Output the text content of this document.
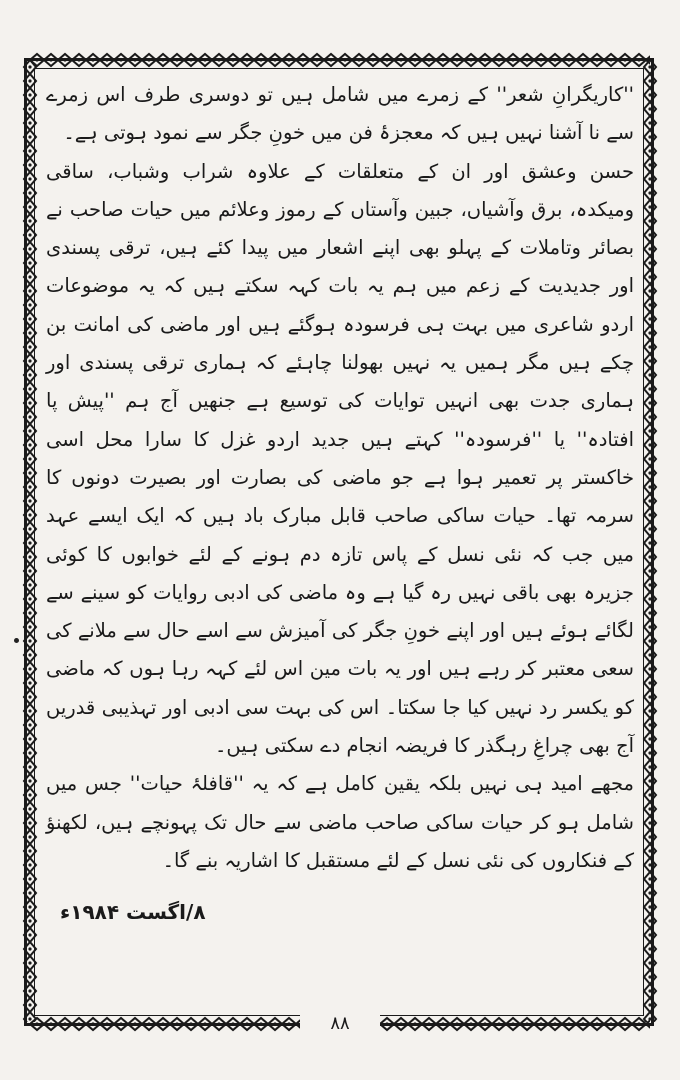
''کاریگرانِ شعر'' کے زمرے میں شامل ہیں تو دوسری طرف اس زمرے سے نا آشنا نہیں ہیں کہ معجزۂ فن میں خونِ جگر سے نمود ہوتی ہے۔

حسن وعشق اور ان کے متعلقات کے علاوہ شراب وشباب، ساقی ومیکدہ، برق وآشیاں، جبین وآستاں کے رموز وعلائم میں حیات صاحب نے بصائر وتاملات کے پہلو بھی اپنے اشعار میں پیدا کئے ہیں، ترقی پسندی اور جدیدیت کے زعم میں ہم یہ بات کہہ سکتے ہیں کہ یہ موضوعات اردو شاعری میں بہت ہی فرسودہ ہوگئے ہیں اور ماضی کی امانت بن چکے ہیں مگر ہمیں یہ نہیں بھولنا چاہئے کہ ہماری ترقی پسندی اور ہماری جدت بھی انہیں توایات کی توسیع ہے جنھیں آج ہم ''پیش پا افتادہ'' یا ''فرسودہ'' کہتے ہیں جدید اردو غزل کا سارا محل اسی خاکستر پر تعمیر ہوا ہے جو ماضی کی بصارت اور بصیرت دونوں کا سرمہ تھا۔ حیات ساکی صاحب قابل مبارک باد ہیں کہ ایک ایسے عہد میں جب کہ نئی نسل کے پاس تازہ دم ہونے کے لئے خوابوں کا کوئی جزیرہ بھی باقی نہیں رہ گیا ہے وہ ماضی کی ادبی روایات کو سینے سے لگائے ہوئے ہیں اور اپنے خونِ جگر کی آمیزش سے اسے حال سے ملانے کی سعی معتبر کر رہے ہیں اور یہ بات مین اس لئے کہہ رہا ہوں کہ ماضی کو یکسر رد نہیں کیا جا سکتا۔ اس کی بہت سی ادبی اور تہذیبی قدریں آج بھی چراغِ رہگذر کا فریضہ انجام دے سکتی ہیں۔

مجھے امید ہی نہیں بلکہ یقین کامل ہے کہ یہ ''قافلۂ حیات'' جس میں شامل ہو کر حیات ساکی صاحب ماضی سے حال تک پہونچے ہیں، لکھنؤ کے فنکاروں کی نئی نسل کے لئے مستقبل کا اشاریہ بنے گا۔

۸/اگست ۱۹۸۴ء
۸۸
